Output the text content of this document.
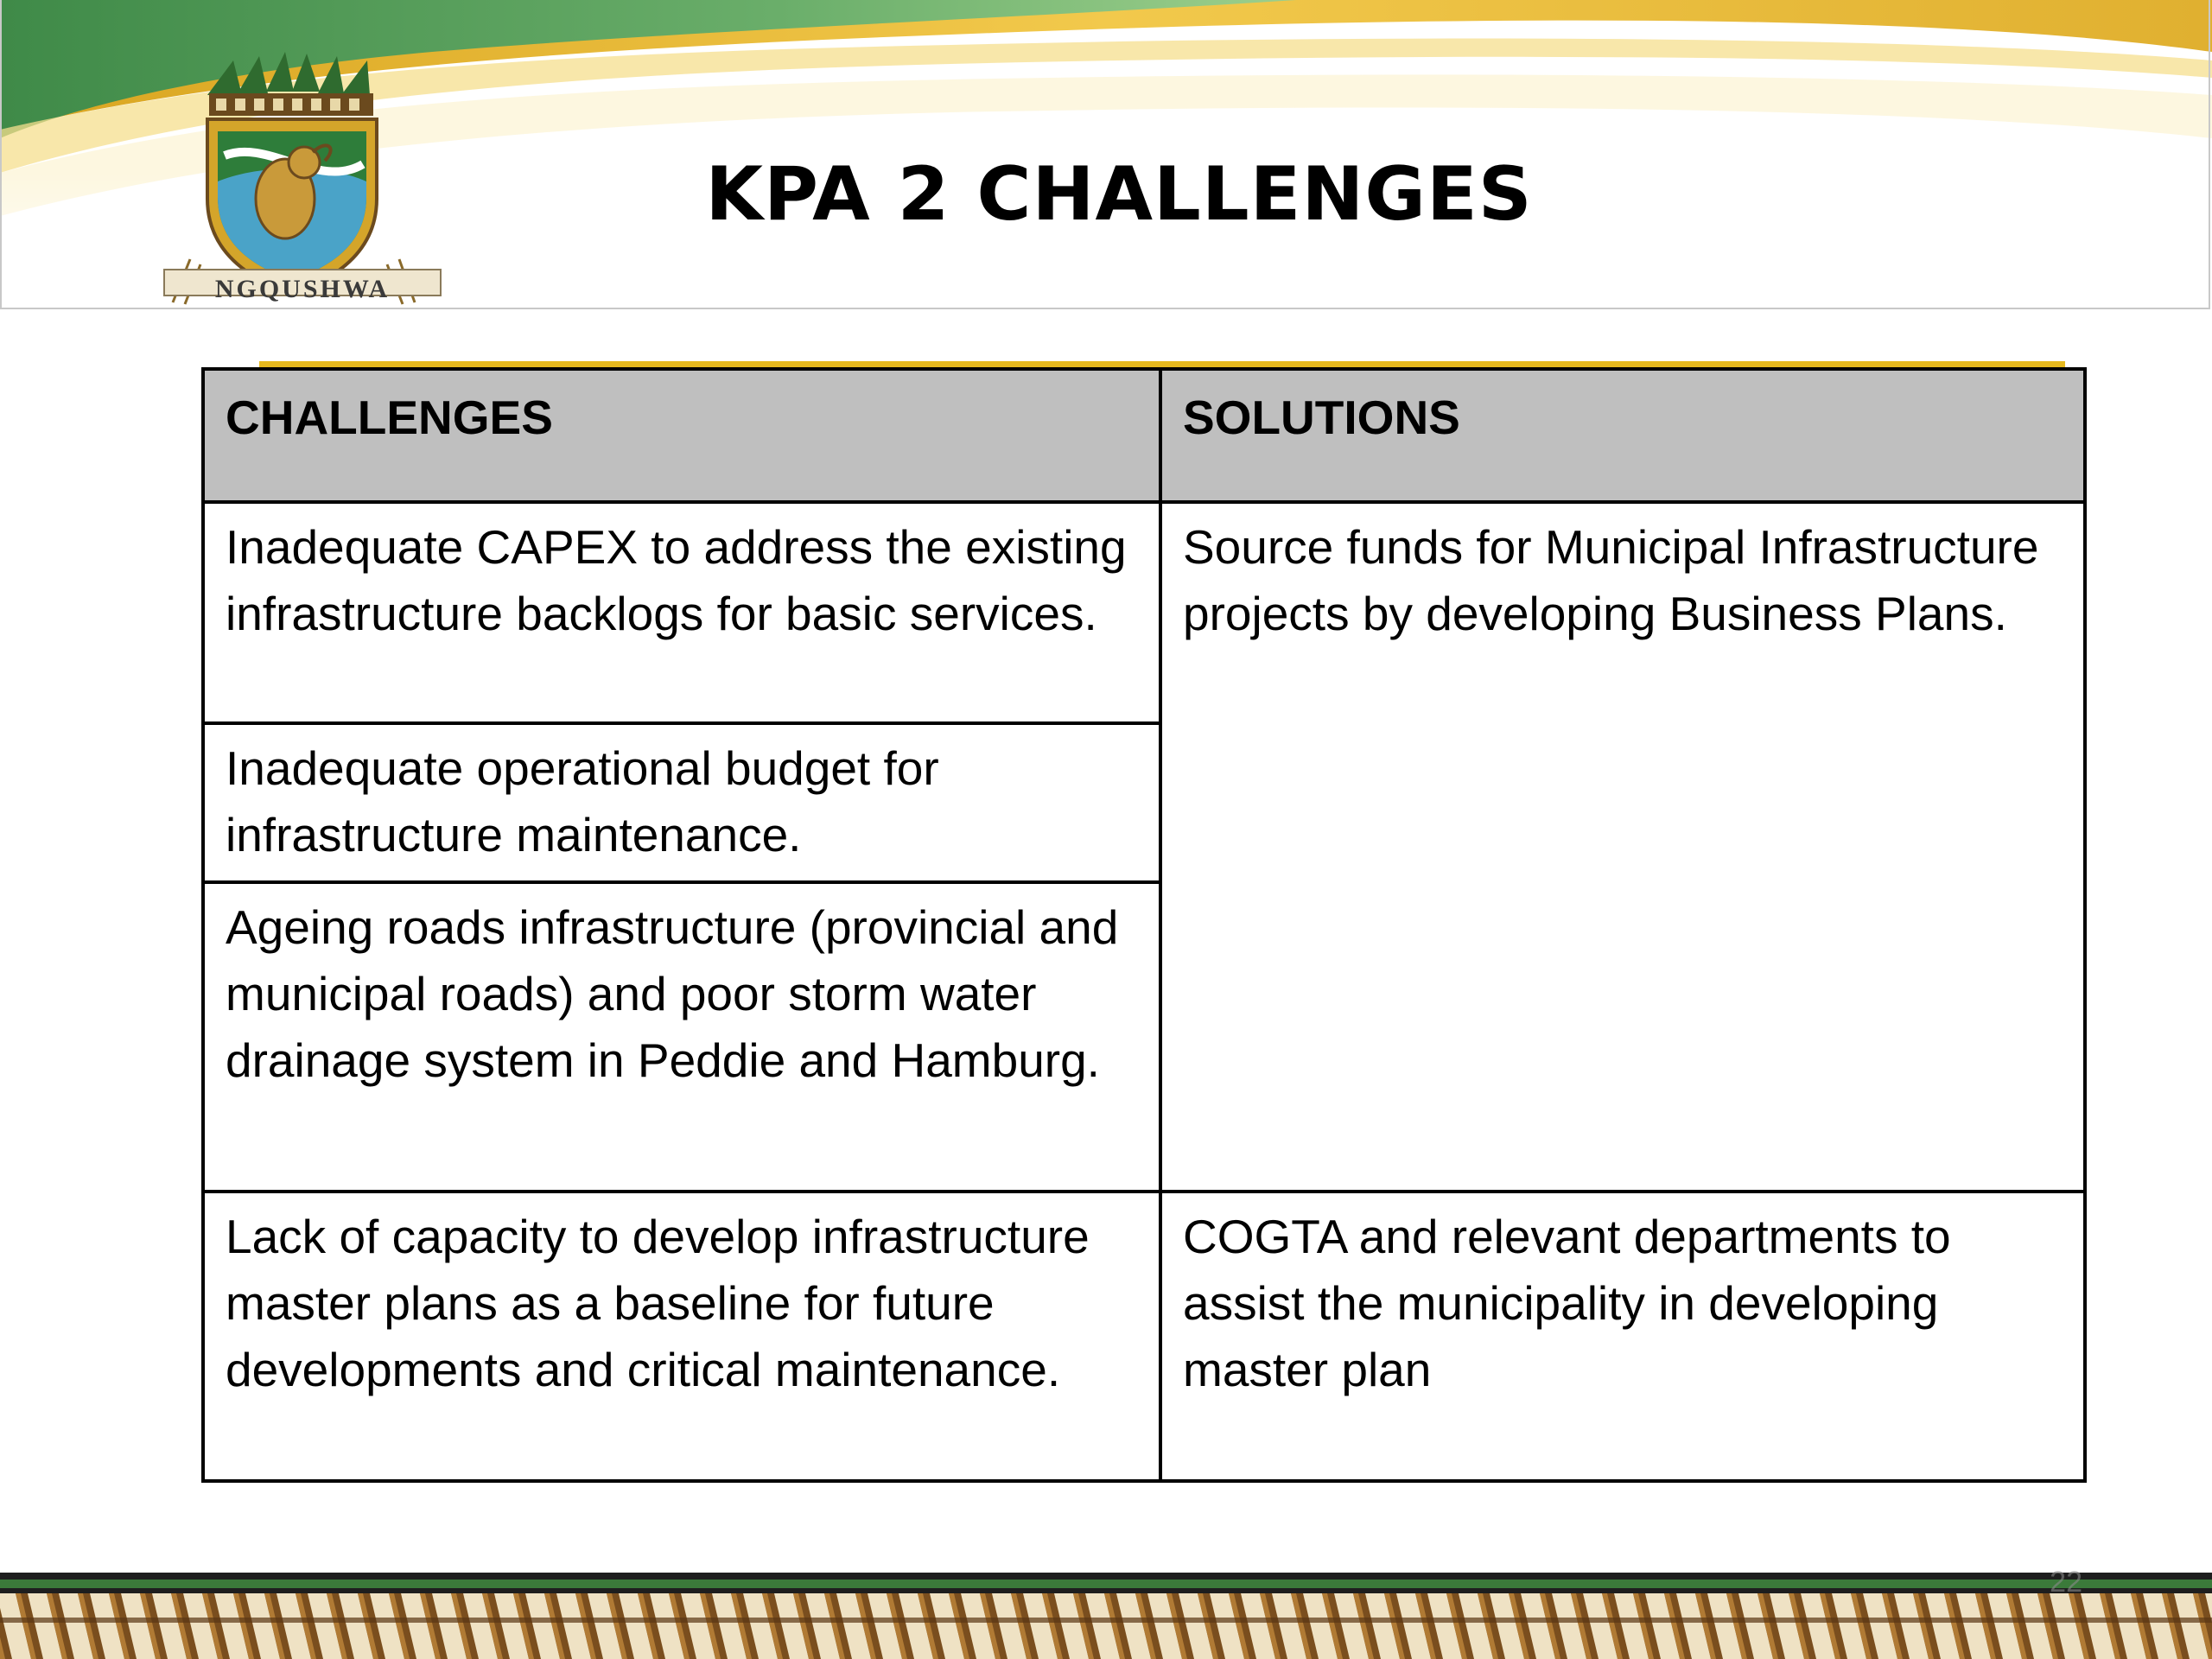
NGQUSHWA
KPA 2 CHALLENGES
CHALLENGES	SOLUTIONS
Inadequate CAPEX to address the existing infrastructure backlogs for basic services.	Source funds for Municipal Infrastructure projects by developing Business Plans.
Inadequate operational budget for infrastructure maintenance.	
Ageing roads infrastructure (provincial and municipal roads) and poor storm water drainage system in Peddie and Hamburg.	
Lack of capacity to develop infrastructure master plans as a baseline for future developments and critical maintenance.	COGTA and relevant departments to assist the municipality in developing master plan
22
